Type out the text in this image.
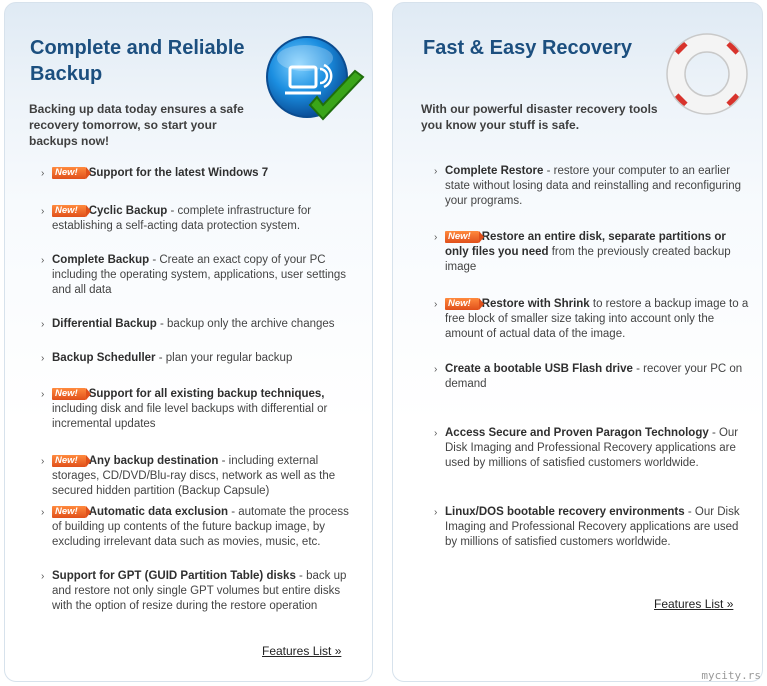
Complete and Reliable
Backup

Backing up data today ensures a safe recovery tomorrow, so start your backups now!

› New! Support for the latest Windows 7
› New! Cyclic Backup - complete infrastructure for establishing a self-acting data protection system.
› Complete Backup - Create an exact copy of your PC including the operating system, applications, user settings and all data
› Differential Backup - backup only the archive changes
› Backup Scheduller - plan your regular backup
› New! Support for all existing backup techniques, including disk and file level backups with differential or incremental updates
› New! Any backup destination - including external storages, CD/DVD/Blu-ray discs, network as well as the secured hidden partition (Backup Capsule)
› New! Automatic data exclusion - automate the process of building up contents of the future backup image, by excluding irrelevant data such as movies, music, etc.
› Support for GPT (GUID Partition Table) disks - back up and restore not only single GPT volumes but entire disks with the option of resize during the restore operation
Features List »
Fast & Easy Recovery

With our powerful disaster recovery tools you know your stuff is safe.

› Complete Restore - restore your computer to an earlier state without losing data and reinstalling and reconfiguring your programs.
› New! Restore an entire disk, separate partitions or only files you need from the previously created backup image
› New! Restore with Shrink to restore a backup image to a free block of smaller size taking into account only the amount of actual data of the image.
› Create a bootable USB Flash drive - recover your PC on demand
› Access Secure and Proven Paragon Technology - Our Disk Imaging and Professional Recovery applications are used by millions of satisfied customers worldwide.
› Linux/DOS bootable recovery environments - Our Disk Imaging and Professional Recovery applications are used by millions of satisfied customers worldwide.
Features List »
mycity.rs
